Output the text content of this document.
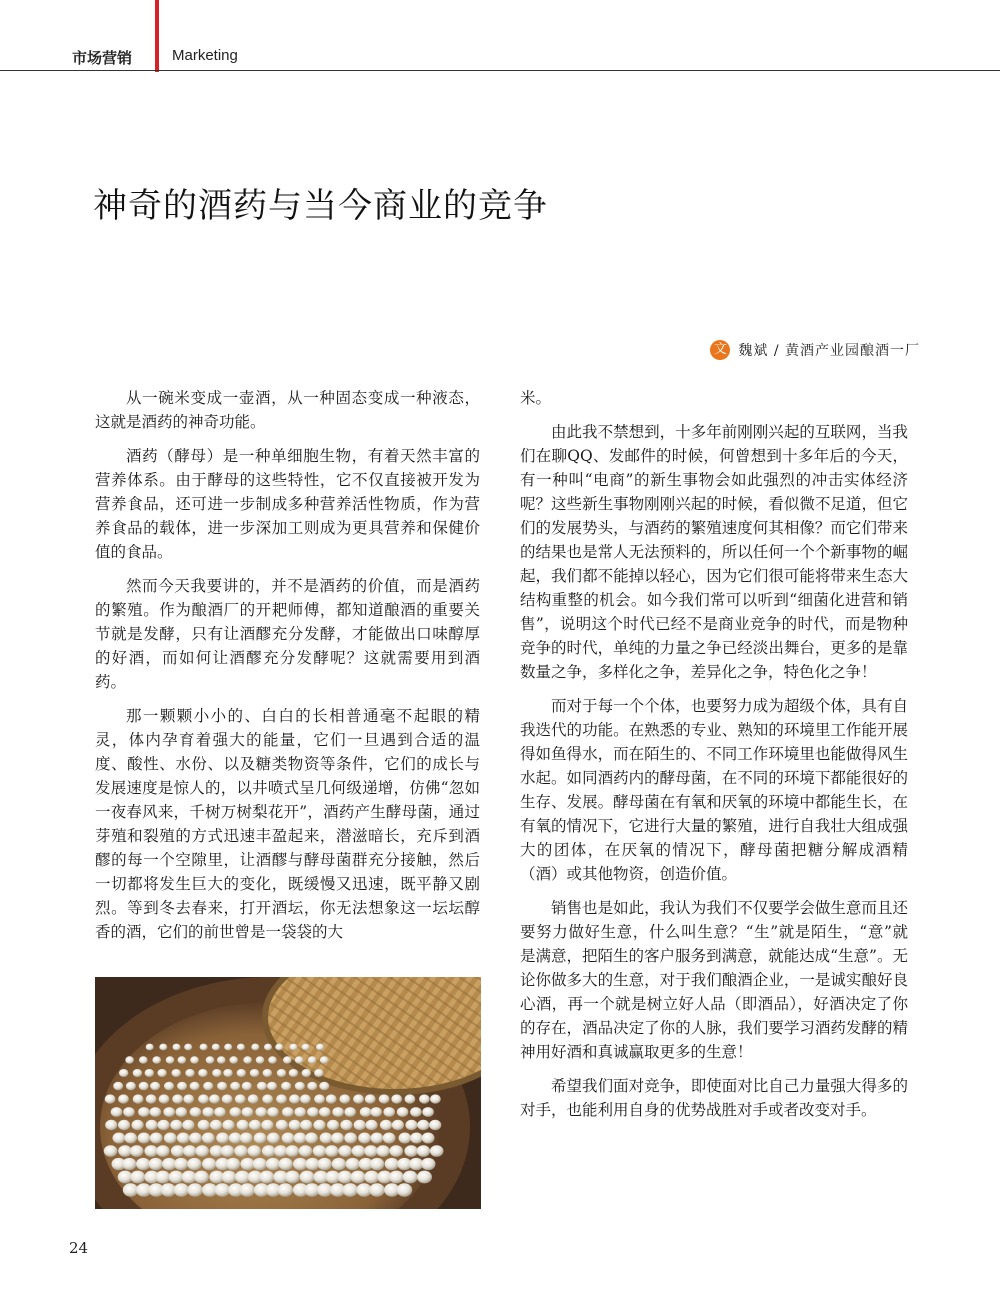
市场营销	Marketing
神奇的酒药与当今商业的竞争
文 魏斌 / 黄酒产业园酿酒一厂

从一碗米变成一壶酒，从一种固态变成一种液态，这就是酒药的神奇功能。

酒药（酵母）是一种单细胞生物，有着天然丰富的营养体系。由于酵母的这些特性，它不仅直接被开发为营养食品，还可进一步制成多种营养活性物质，作为营养食品的载体，进一步深加工则成为更具营养和保健价值的食品。

然而今天我要讲的，并不是酒药的价值，而是酒药的繁殖。作为酿酒厂的开耙师傅，都知道酿酒的重要关节就是发酵，只有让酒醪充分发酵，才能做出口味醇厚的好酒，而如何让酒醪充分发酵呢？这就需要用到酒药。

那一颗颗小小的、白白的长相普通毫不起眼的精灵，体内孕育着强大的能量，它们一旦遇到合适的温度、酸性、水份、以及糖类物资等条件，它们的成长与发展速度是惊人的，以井喷式呈几何级递增，仿佛“忽如一夜春风来，千树万树梨花开”，酒药产生酵母菌，通过芽殖和裂殖的方式迅速丰盈起来，潜滋暗长，充斥到酒醪的每一个空隙里，让酒醪与酵母菌群充分接触，然后一切都将发生巨大的变化，既缓慢又迅速，既平静又剧烈。等到冬去春来，打开酒坛，你无法想象这一坛坛醇香的酒，它们的前世曾是一袋袋的大

米。

由此我不禁想到，十多年前刚刚兴起的互联网，当我们在聊QQ、发邮件的时候，何曾想到十多年后的今天，有一种叫“电商”的新生事物会如此强烈的冲击实体经济呢？这些新生事物刚刚兴起的时候，看似微不足道，但它们的发展势头，与酒药的繁殖速度何其相像？而它们带来的结果也是常人无法预料的，所以任何一个个新事物的崛起，我们都不能掉以轻心，因为它们很可能将带来生态大结构重整的机会。如今我们常可以听到“细菌化进营和销售”，说明这个时代已经不是商业竞争的时代，而是物种竞争的时代，单纯的力量之争已经淡出舞台，更多的是靠数量之争，多样化之争，差异化之争，特色化之争！

而对于每一个个体，也要努力成为超级个体，具有自我迭代的功能。在熟悉的专业、熟知的环境里工作能开展得如鱼得水，而在陌生的、不同工作环境里也能做得风生水起。如同酒药内的酵母菌，在不同的环境下都能很好的生存、发展。酵母菌在有氧和厌氧的环境中都能生长，在有氧的情况下，它进行大量的繁殖，进行自我壮大组成强大的团体，在厌氧的情况下，酵母菌把糖分解成酒精（酒）或其他物资，创造价值。

销售也是如此，我认为我们不仅要学会做生意而且还要努力做好生意，什么叫生意？“生”就是陌生，“意”就是满意，把陌生的客户服务到满意，就能达成“生意”。无论你做多大的生意，对于我们酿酒企业，一是诚实酿好良心酒，再一个就是树立好人品（即酒品），好酒决定了你的存在，酒品决定了你的人脉，我们要学习酒药发酵的精神用好酒和真诚赢取更多的生意！

希望我们面对竞争，即使面对比自己力量强大得多的对手，也能利用自身的优势战胜对手或者改变对手。

24
